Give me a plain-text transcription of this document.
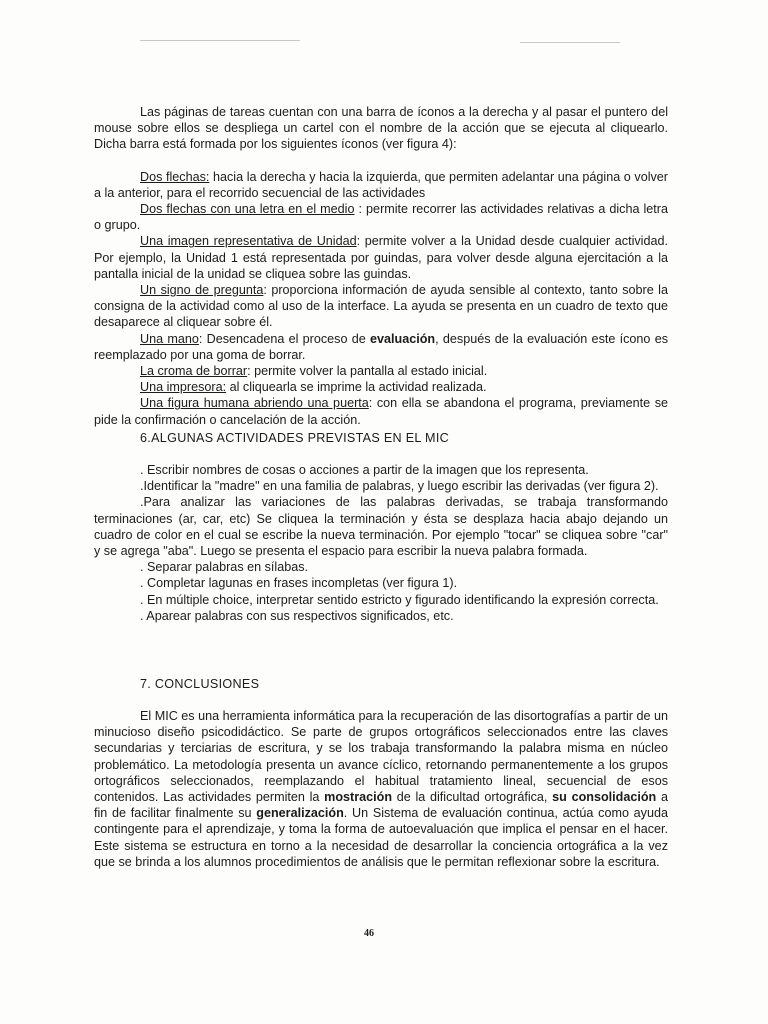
Las páginas de tareas cuentan con una barra de íconos a la derecha y al pasar el puntero del mouse sobre ellos se despliega un cartel con el nombre de la acción que se ejecuta al cliquearlo. Dicha barra está formada por los siguientes íconos (ver figura 4):

Dos flechas: hacia la derecha y hacia la izquierda, que permiten adelantar una página o volver a la anterior, para el recorrido secuencial de las actividades

Dos flechas con una letra en el medio : permite recorrer las actividades relativas a dicha letra o grupo.

Una imagen representativa de Unidad: permite volver a la Unidad desde cualquier actividad. Por ejemplo, la Unidad 1 está representada por guindas, para volver desde alguna ejercitación a la pantalla inicial de la unidad se cliquea sobre las guindas.

Un signo de pregunta: proporciona información de ayuda sensible al contexto, tanto sobre la consigna de la actividad como al uso de la interface. La ayuda se presenta en un cuadro de texto que desaparece al cliquear sobre él.

Una mano: Desencadena el proceso de evaluación, después de la evaluación este ícono es reemplazado por una goma de borrar.

La croma de borrar: permite volver la pantalla al estado inicial.

Una impresora: al cliquearla se imprime la actividad realizada.

Una figura humana abriendo una puerta: con ella se abandona el programa, previamente se pide la confirmación o cancelación de la acción.

6.ALGUNAS ACTIVIDADES PREVISTAS EN EL MIC

. Escribir nombres de cosas o acciones a partir de la imagen que los representa.

.Identificar la "madre" en una familia de palabras, y luego escribir las derivadas (ver figura 2).

.Para analizar las variaciones de las palabras derivadas, se trabaja transformando terminaciones (ar, car, etc) Se cliquea la terminación y ésta se desplaza hacia abajo dejando un cuadro de color en el cual se escribe la nueva terminación. Por ejemplo "tocar" se cliquea sobre "car" y se agrega "aba". Luego se presenta el espacio para escribir la nueva palabra formada.

. Separar palabras en sílabas.

. Completar lagunas en frases incompletas (ver figura 1).

. En múltiple choice, interpretar sentido estricto y figurado identificando la expresión correcta.

. Aparear palabras con sus respectivos significados, etc.

7. CONCLUSIONES

El MIC es una herramienta informática para la recuperación de las disortografías a partir de un minucioso diseño psicodidáctico. Se parte de grupos ortográficos seleccionados entre las claves secundarias y terciarias de escritura, y se los trabaja transformando la palabra misma en núcleo problemático. La metodología presenta un avance cíclico, retornando permanentemente a los grupos ortográficos seleccionados, reemplazando el habitual tratamiento lineal, secuencial de esos contenidos. Las actividades permiten la mostración de la dificultad ortográfica, su consolidación a fin de facilitar finalmente su generalización. Un Sistema de evaluación continua, actúa como ayuda contingente para el aprendizaje, y toma la forma de autoevaluación que implica el pensar en el hacer. Este sistema se estructura en torno a la necesidad de desarrollar la conciencia ortográfica a la vez que se brinda a los alumnos procedimientos de análisis que le permitan reflexionar sobre la escritura.

46
